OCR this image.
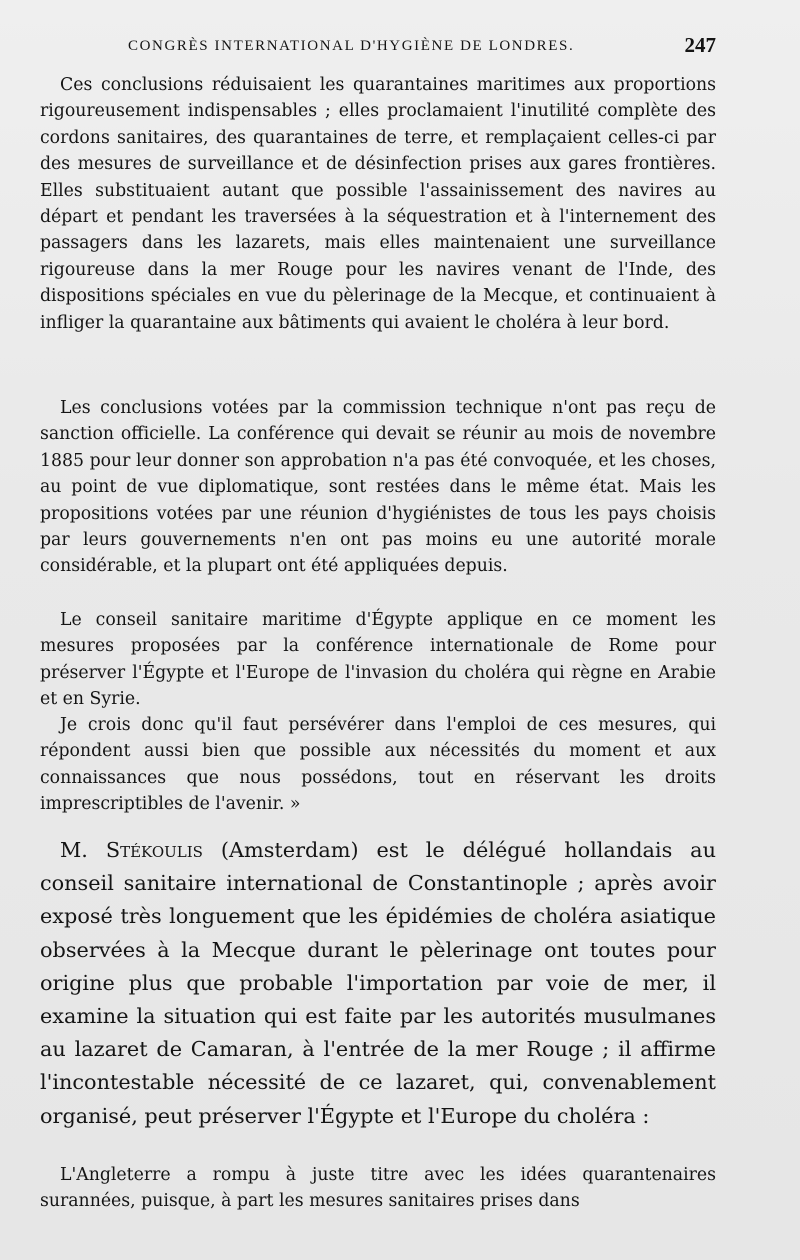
CONGRÈS INTERNATIONAL D'HYGIÈNE DE LONDRES.	247

Ces conclusions réduisaient les quarantaines maritimes aux proportions rigoureusement indispensables ; elles proclamaient l'inutilité complète des cordons sanitaires, des quarantaines de terre, et remplaçaient celles-ci par des mesures de surveillance et de désinfection prises aux gares frontières. Elles substituaient autant que possible l'assainissement des navires au départ et pendant les traversées à la séquestration et à l'internement des passagers dans les lazarets, mais elles maintenaient une surveillance rigoureuse dans la mer Rouge pour les navires venant de l'Inde, des dispositions spéciales en vue du pèlerinage de la Mecque, et continuaient à infliger la quarantaine aux bâtiments qui avaient le choléra à leur bord.

Les conclusions votées par la commission technique n'ont pas reçu de sanction officielle. La conférence qui devait se réunir au mois de novembre 1885 pour leur donner son approbation n'a pas été convoquée, et les choses, au point de vue diplomatique, sont restées dans le même état. Mais les propositions votées par une réunion d'hygiénistes de tous les pays choisis par leurs gouvernements n'en ont pas moins eu une autorité morale considérable, et la plupart ont été appliquées depuis.

Le conseil sanitaire maritime d'Égypte applique en ce moment les mesures proposées par la conférence internationale de Rome pour préserver l'Égypte et l'Europe de l'invasion du choléra qui règne en Arabie et en Syrie.

Je crois donc qu'il faut persévérer dans l'emploi de ces mesures, qui répondent aussi bien que possible aux nécessités du moment et aux connaissances que nous possédons, tout en réservant les droits imprescriptibles de l'avenir. »

M. Stékoulis (Amsterdam) est le délégué hollandais au conseil sanitaire international de Constantinople ; après avoir exposé très longuement que les épidémies de choléra asiatique observées à la Mecque durant le pèlerinage ont toutes pour origine plus que probable l'importation par voie de mer, il examine la situation qui est faite par les autorités musulmanes au lazaret de Camaran, à l'entrée de la mer Rouge ; il affirme l'incontestable nécessité de ce lazaret, qui, convenablement organisé, peut préserver l'Égypte et l'Europe du choléra :

L'Angleterre a rompu à juste titre avec les idées quarantenaires surannées, puisque, à part les mesures sanitaires prises dans
